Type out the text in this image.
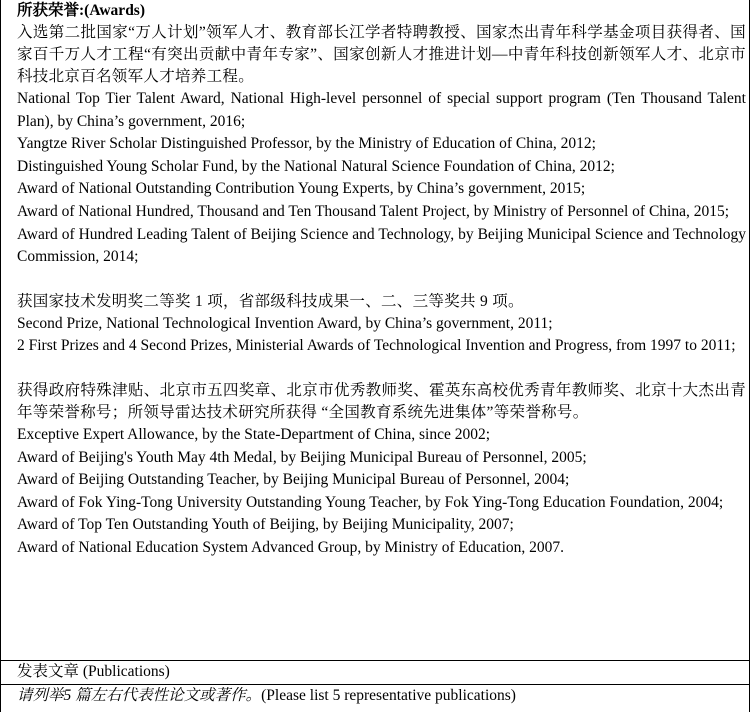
所获荣誉:(Awards)
入选第二批国家“万人计划”领军人才、教育部长江学者特聘教授、国家杰出青年科学基金项目获得者、国家百千万人才工程“有突出贡献中青年专家”、国家创新人才推进计划—中青年科技创新领军人才、北京市科技北京百名领军人才培养工程。
National Top Tier Talent Award, National High-level personnel of special support program (Ten Thousand Talent Plan), by China’s government, 2016;
Yangtze River Scholar Distinguished Professor, by the Ministry of Education of China, 2012;
Distinguished Young Scholar Fund, by the National Natural Science Foundation of China, 2012;
Award of National Outstanding Contribution Young Experts, by China’s government, 2015;
Award of National Hundred, Thousand and Ten Thousand Talent Project, by Ministry of Personnel of China, 2015;
Award of Hundred Leading Talent of Beijing Science and Technology, by Beijing Municipal Science and Technology Commission, 2014;
获国家技术发明奖二等奖 1 项，省部级科技成果一、二、三等奖共 9 项。
Second Prize, National Technological Invention Award, by China’s government, 2011;
2 First Prizes and 4 Second Prizes, Ministerial Awards of Technological Invention and Progress, from 1997 to 2011;
获得政府特殊津贴、北京市五四奖章、北京市优秀教师奖、霍英东高校优秀青年教师奖、北京十大杰出青年等荣誉称号；所领导雷达技术研究所获得 “全国教育系统先进集体”等荣誉称号。
Exceptive Expert Allowance, by the State-Department of China, since 2002;
Award of Beijing's Youth May 4th Medal, by Beijing Municipal Bureau of Personnel, 2005;
Award of Beijing Outstanding Teacher, by Beijing Municipal Bureau of Personnel, 2004;
Award of Fok Ying-Tong University Outstanding Young Teacher, by Fok Ying-Tong Education Foundation, 2004;
Award of Top Ten Outstanding Youth of Beijing, by Beijing Municipality, 2007;
Award of National Education System Advanced Group, by Ministry of Education, 2007.
发表文章 (Publications)
请列举5 篇左右代表性论文或著作。(Please list 5 representative publications)
